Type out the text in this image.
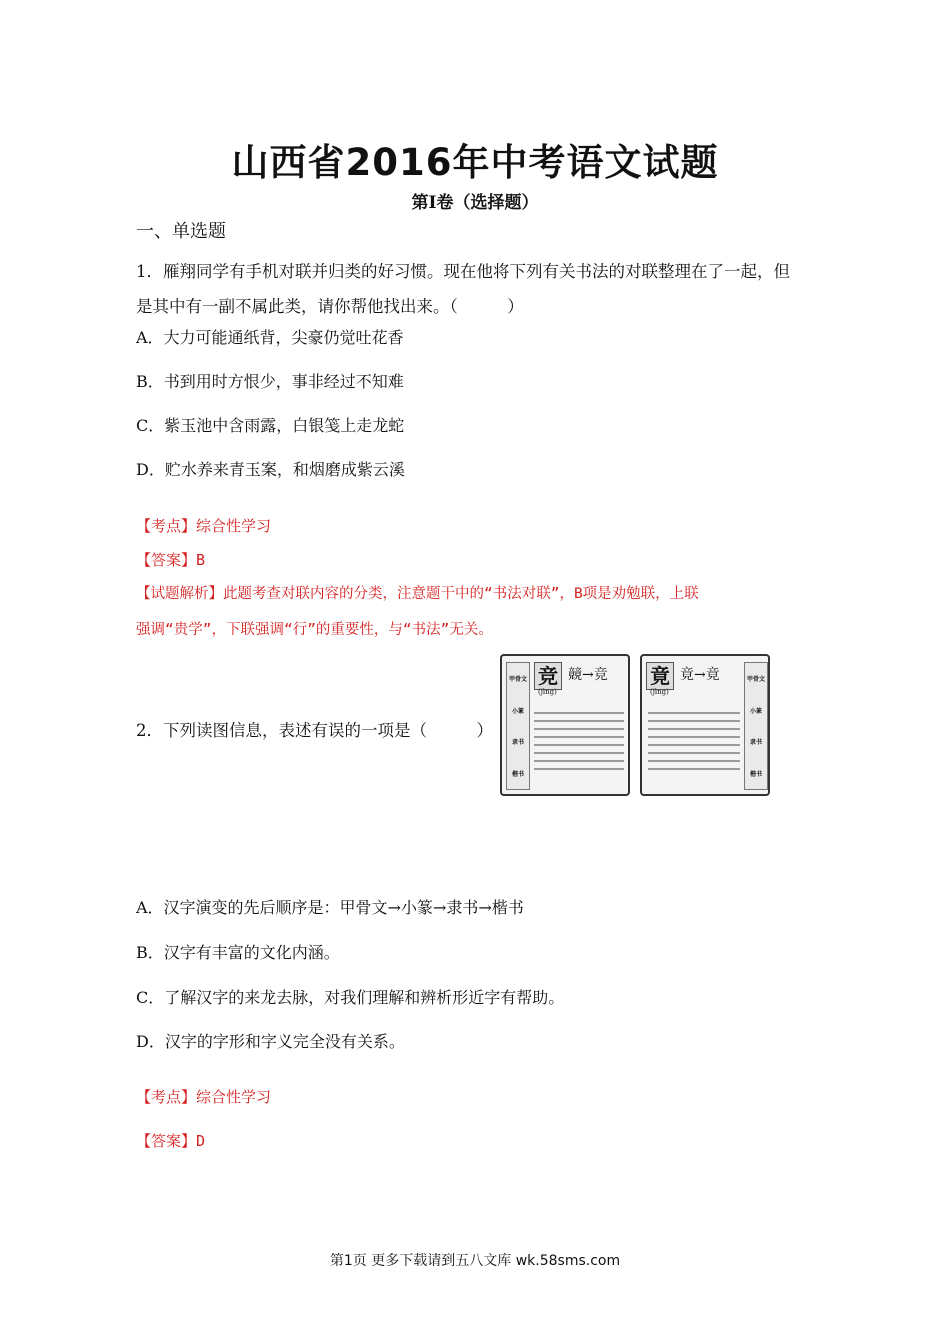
山西省2016年中考语文试题
第Ⅰ卷（选择题）
一、单选题
1．雁翔同学有手机对联并归类的好习惯。现在他将下列有关书法的对联整理在了一起，但
是其中有一副不属此类，请你帮他找出来。（　　　）
A．大力可能通纸背，尖豪仍觉吐花香
B．书到用时方恨少，事非经过不知难
C．紫玉池中含雨露，白银笺上走龙蛇
D．贮水养来青玉案，和烟磨成紫云溪
【考点】综合性学习
【答案】B
【试题解析】此题考查对联内容的分类，注意题干中的“书法对联”，B项是劝勉联，上联
强调“贵学”，下联强调“行”的重要性，与“书法”无关。
2．下列读图信息，表述有误的一项是（　　　）
甲骨文
小篆
隶书
楷书
竞
(jìng)
竸→竞 竟
(jìng)
竟→竟	甲骨文
小篆
隶书
楷书
A．汉字演变的先后顺序是：甲骨文→小篆→隶书→楷书
B．汉字有丰富的文化内涵。
C．了解汉字的来龙去脉，对我们理解和辨析形近字有帮助。
D．汉字的字形和字义完全没有关系。
【考点】综合性学习
【答案】D
第1页 更多下载请到五八文库 wk.58sms.com
